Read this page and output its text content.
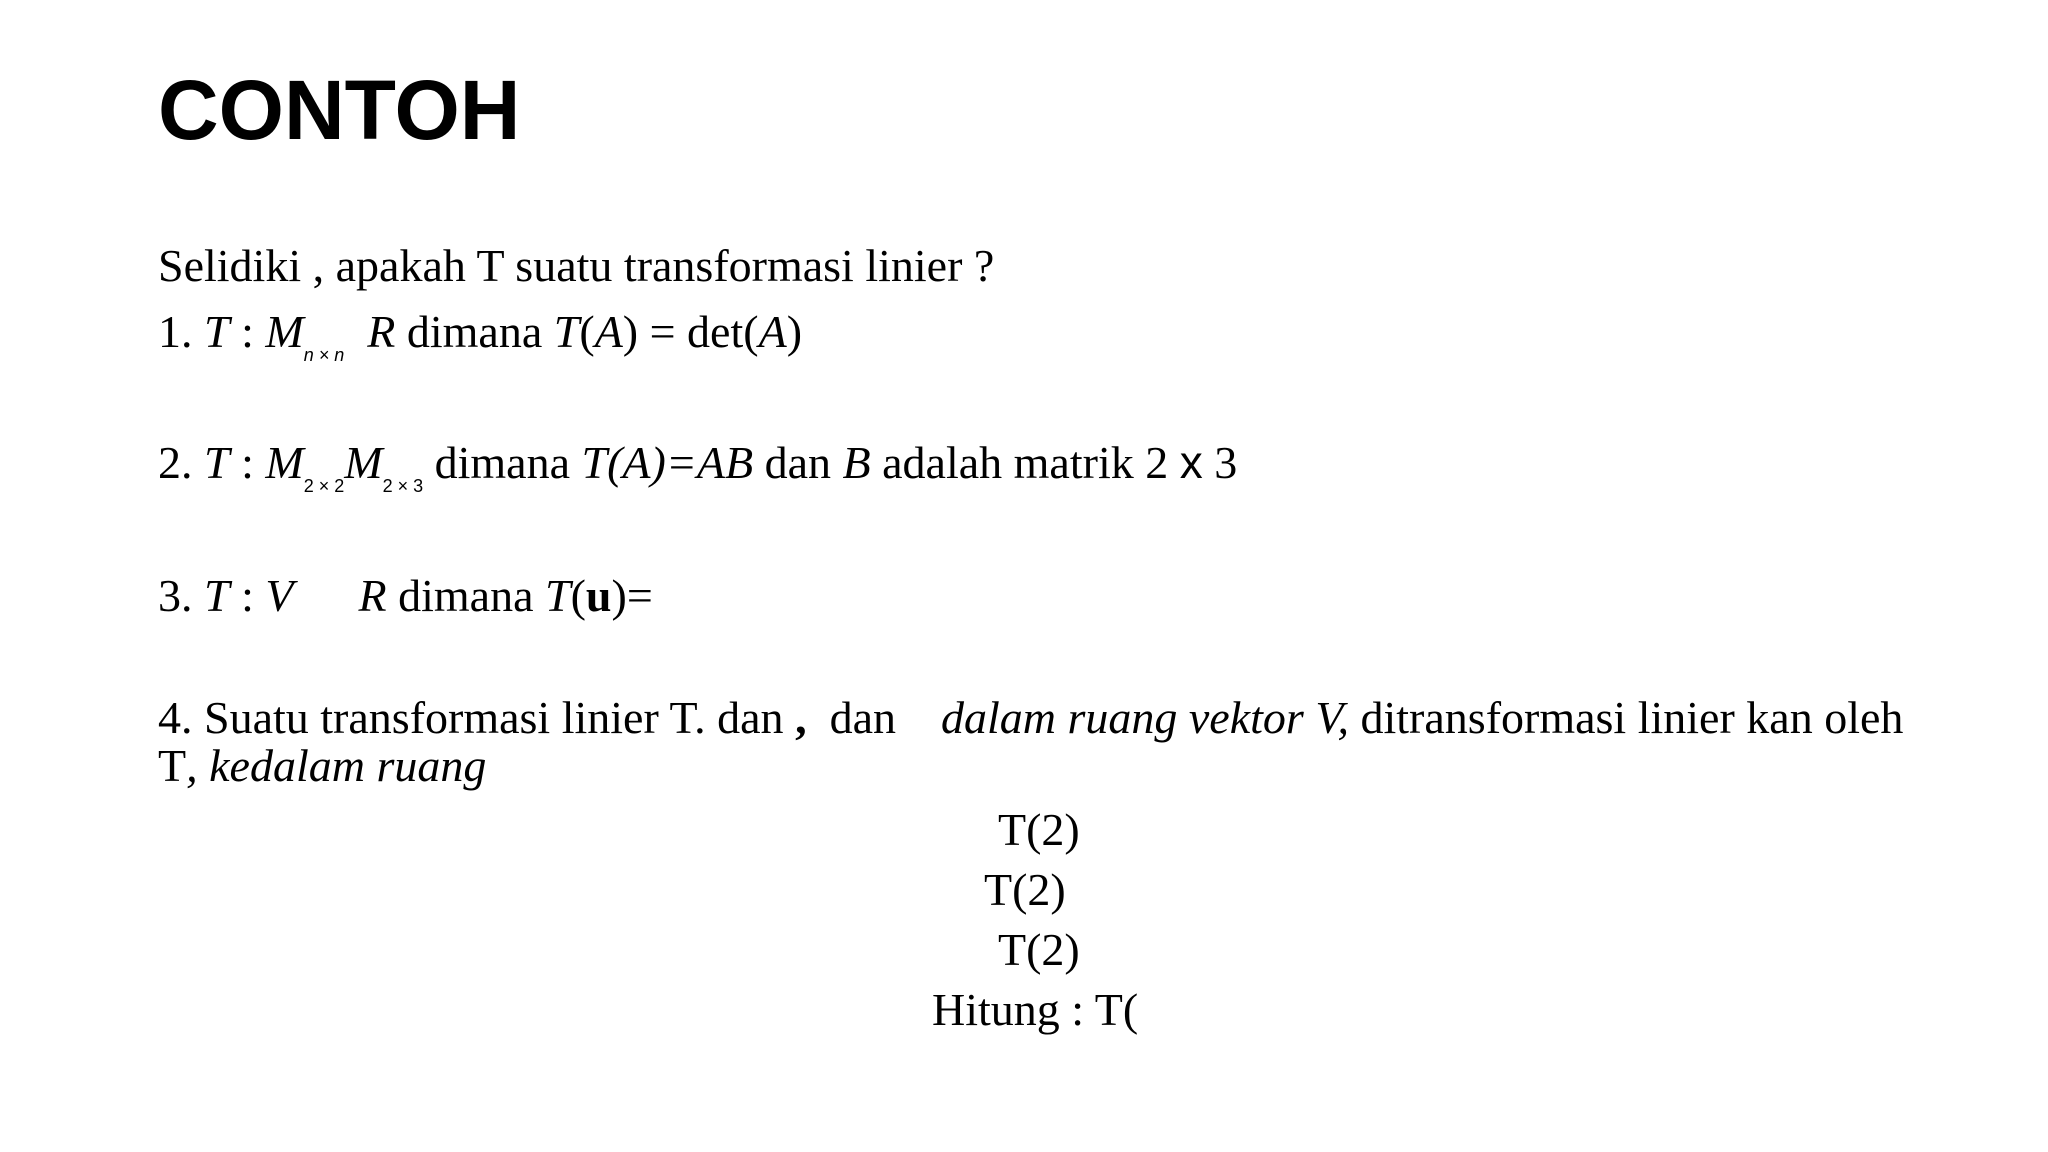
CONTOH
Selidiki , apakah T suatu transformasi linier ?
1. T : $M_{n \times n}$ R dimana T(A) = det(A)
2. T : $M_{2 \times 2}M_{2 \times 3}$ dimana T(A)=AB dan B adalah matrik 2 x 3
3. T : V R dimana T(u)=
4. Suatu transformasi linier T. dan , dan dalam ruang vektor V, ditransformasi linier kan oleh
T, kedalam ruang
T(2)
T(2)
T(2)
Hitung : T(
